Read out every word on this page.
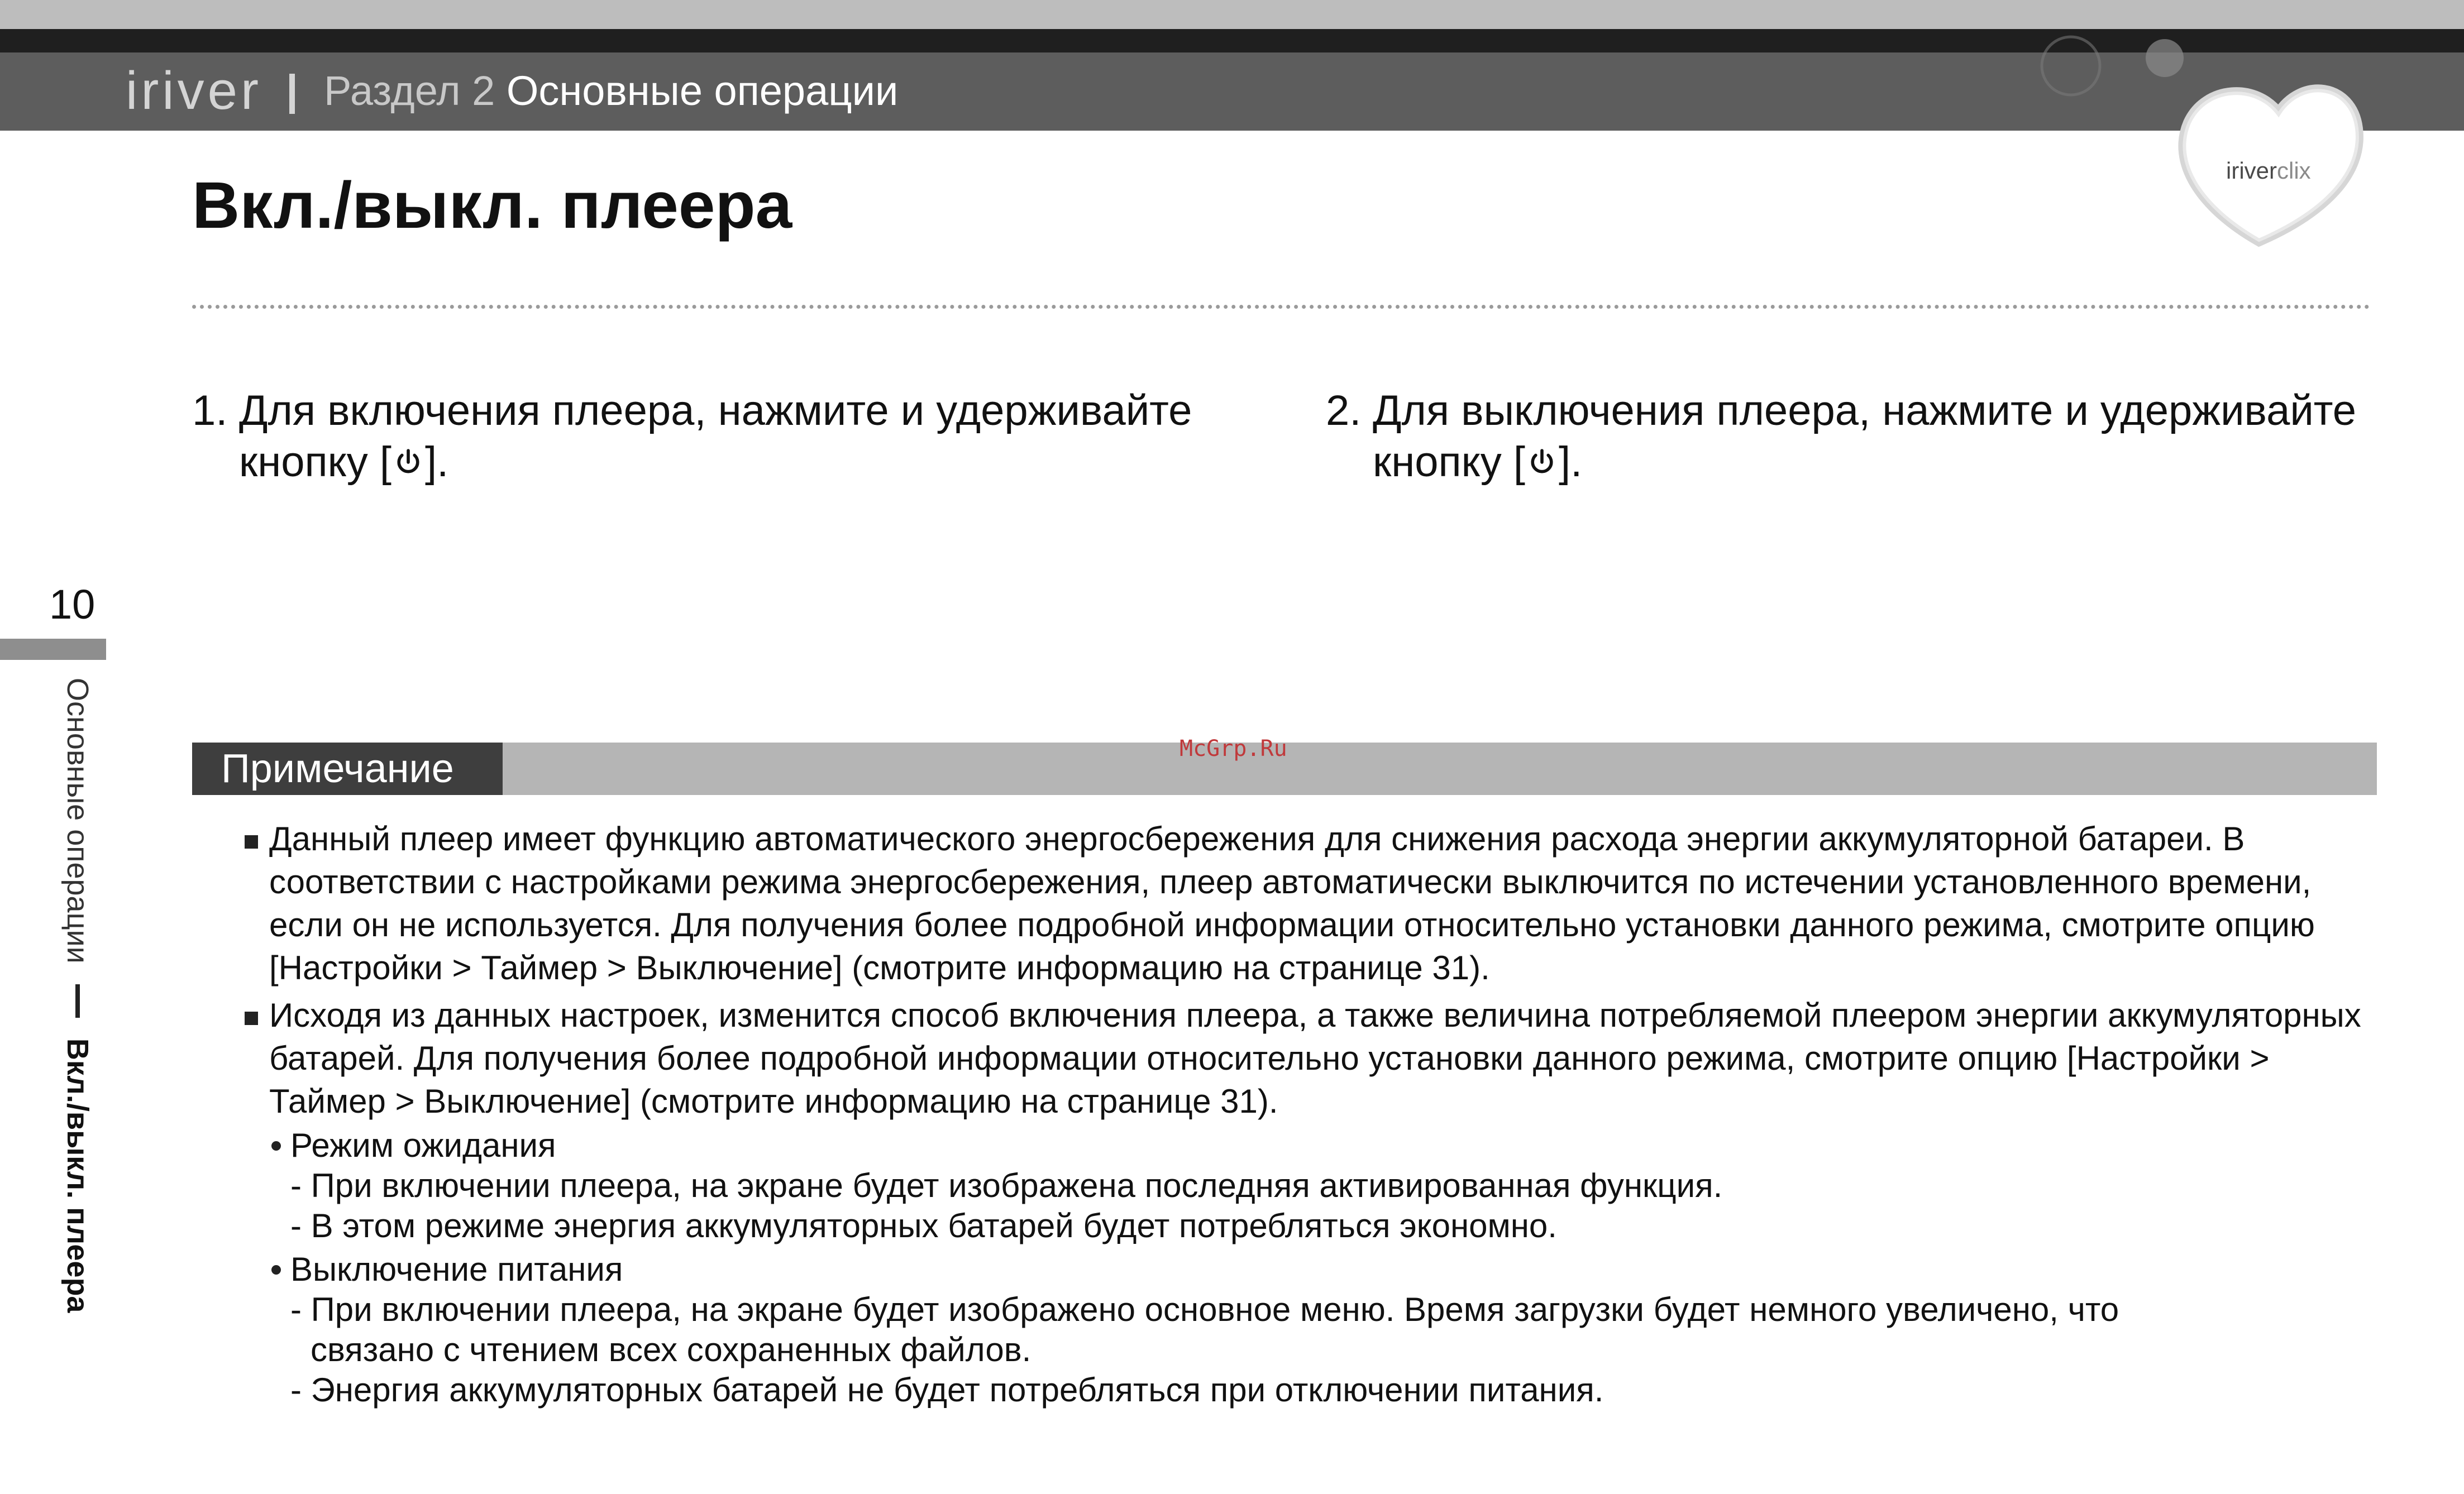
iriver Раздел 2 Основные операции
iriverclix
Вкл./выкл. плеера
1. Для включения плеера, нажмите и удерживайте кнопку [ ].
2. Для выключения плеера, нажмите и удерживайте кнопку [ ].
10
Основные операции  Вкл./выкл. плеера
Примечание	McGrp.Ru
Данный плеер имеет функцию автоматического энергосбережения для снижения расхода энергии аккумуляторной батареи. В соответствии с настройками режима энергосбережения, плеер автоматически выключится по истечении установленного времени, если он не используется. Для получения более подробной информации относительно установки данного режима, смотрите опцию [Настройки > Таймер > Выключение] (смотрите информацию на странице 31).
Исходя из данных настроек, изменится способ включения плеера, а также величина потребляемой плеером энергии аккумуляторных батарей. Для получения более подробной информации относительно установки данного режима, смотрите опцию [Настройки > Таймер > Выключение] (смотрите информацию на странице 31).
Режим ожидания
- При включении плеера, на экране будет изображена последняя активированная функция.
- В этом режиме энергия аккумуляторных батарей будет потребляться экономно.
Выключение питания
- При включении плеера, на экране будет изображено основное меню. Время загрузки будет немного увеличено, что
связано с чтением всех сохраненных файлов.
- Энергия аккумуляторных батарей не будет потребляться при отключении питания.
